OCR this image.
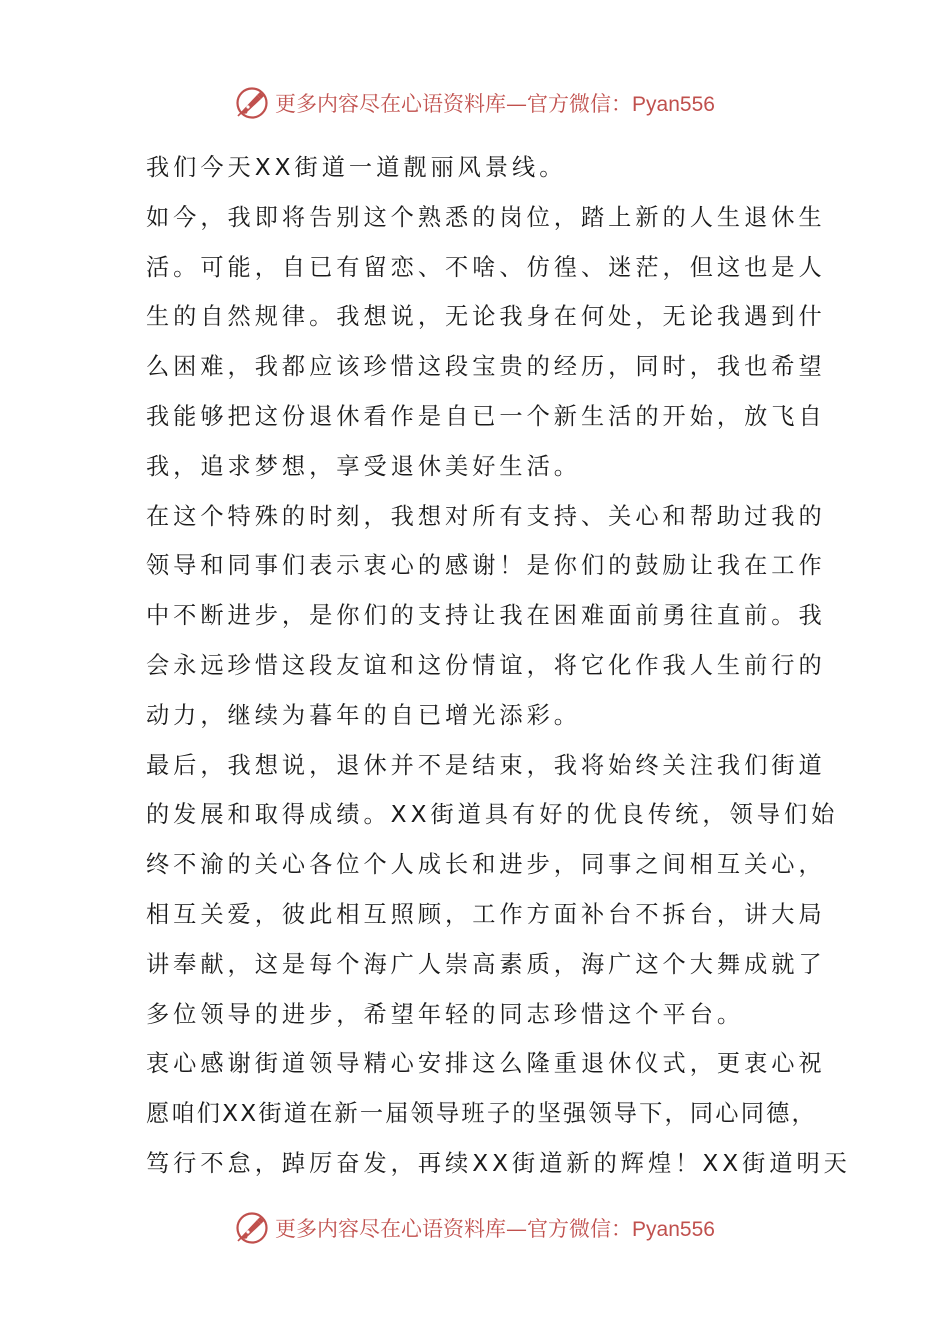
更多内容尽在心语资料库—官方微信：Pyan556
我们今天XX街道一道靓丽风景线。
如今，我即将告别这个熟悉的岗位，踏上新的人生退休生
活。可能，自已有留恋、不啥、仿徨、迷茫，但这也是人
生的自然规律。我想说，无论我身在何处，无论我遇到什
么困难，我都应该珍惜这段宝贵的经历，同时，我也希望
我能够把这份退休看作是自已一个新生活的开始，放飞自
我，追求梦想，享受退休美好生活。
在这个特殊的时刻，我想对所有支持、关心和帮助过我的
领导和同事们表示衷心的感谢！是你们的鼓励让我在工作
中不断进步，是你们的支持让我在困难面前勇往直前。我
会永远珍惜这段友谊和这份情谊，将它化作我人生前行的
动力，继续为暮年的自已增光添彩。
最后，我想说，退休并不是结束，我将始终关注我们街道
的发展和取得成绩。XX街道具有好的优良传统，领导们始
终不渝的关心各位个人成长和进步，同事之间相互关心，
相互关爱，彼此相互照顾，工作方面补台不拆台，讲大局
讲奉献，这是每个海广人崇高素质，海广这个大舞成就了
多位领导的进步，希望年轻的同志珍惜这个平台。
衷心感谢街道领导精心安排这么隆重退休仪式，更衷心祝
愿咱们XX街道在新一届领导班子的坚强领导下，同心同德，
笃行不怠，踔厉奋发，再续XX街道新的辉煌！XX街道明天
更多内容尽在心语资料库—官方微信：Pyan556
